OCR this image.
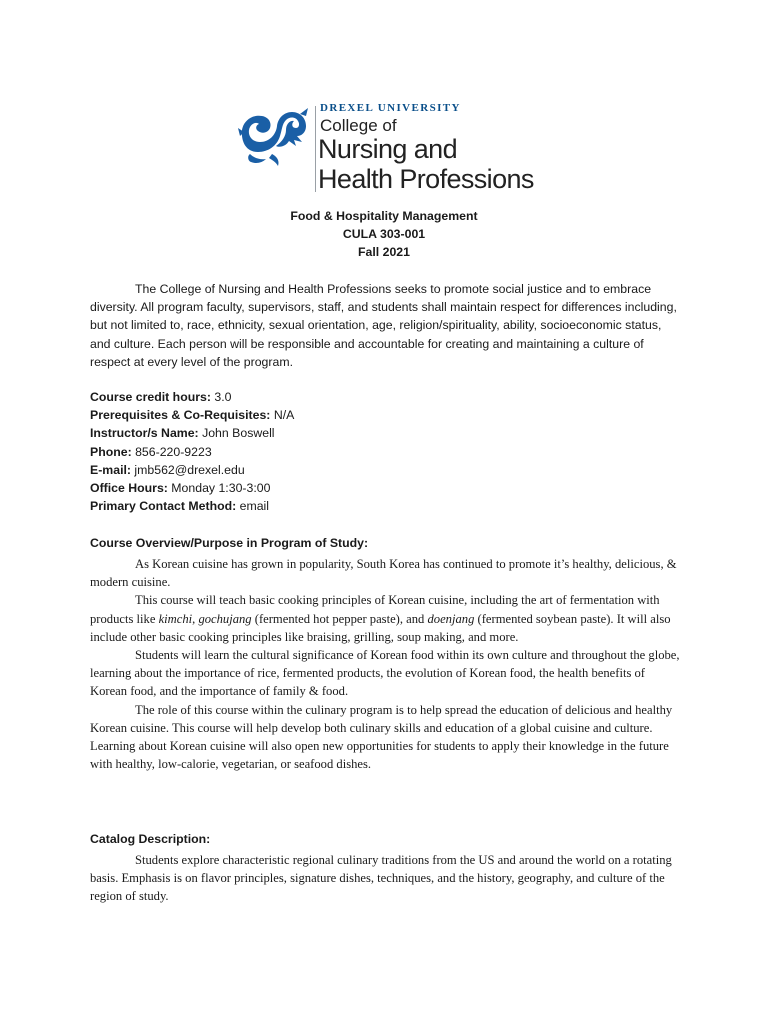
DREXEL UNIVERSITY
College of
Nursing and
Health Professions
Food & Hospitality Management
CULA 303-001
Fall 2021

The College of Nursing and Health Professions seeks to promote social justice and to embrace diversity. All program faculty, supervisors, staff, and students shall maintain respect for differences including, but not limited to, race, ethnicity, sexual orientation, age, religion/spirituality, ability, socioeconomic status, and culture. Each person will be responsible and accountable for creating and maintaining a culture of respect at every level of the program.

Course credit hours: 3.0
Prerequisites & Co-Requisites: N/A
Instructor/s Name: John Boswell
Phone: 856-220-9223
E-mail: jmb562@drexel.edu
Office Hours: Monday 1:30-3:00
Primary Contact Method: email
Course Overview/Purpose in Program of Study:

As Korean cuisine has grown in popularity, South Korea has continued to promote it’s healthy, delicious, & modern cuisine.

This course will teach basic cooking principles of Korean cuisine, including the art of fermentation with products like kimchi, gochujang (fermented hot pepper paste), and doenjang (fermented soybean paste). It will also include other basic cooking principles like braising, grilling, soup making, and more.

Students will learn the cultural significance of Korean food within its own culture and throughout the globe, learning about the importance of rice, fermented products, the evolution of Korean food, the health benefits of Korean food, and the importance of family & food.

The role of this course within the culinary program is to help spread the education of delicious and healthy Korean cuisine. This course will help develop both culinary skills and education of a global cuisine and culture. Learning about Korean cuisine will also open new opportunities for students to apply their knowledge in the future with healthy, low-calorie, vegetarian, or seafood dishes.

Catalog Description:

Students explore characteristic regional culinary traditions from the US and around the world on a rotating basis. Emphasis is on flavor principles, signature dishes, techniques, and the history, geography, and culture of the region of study.
